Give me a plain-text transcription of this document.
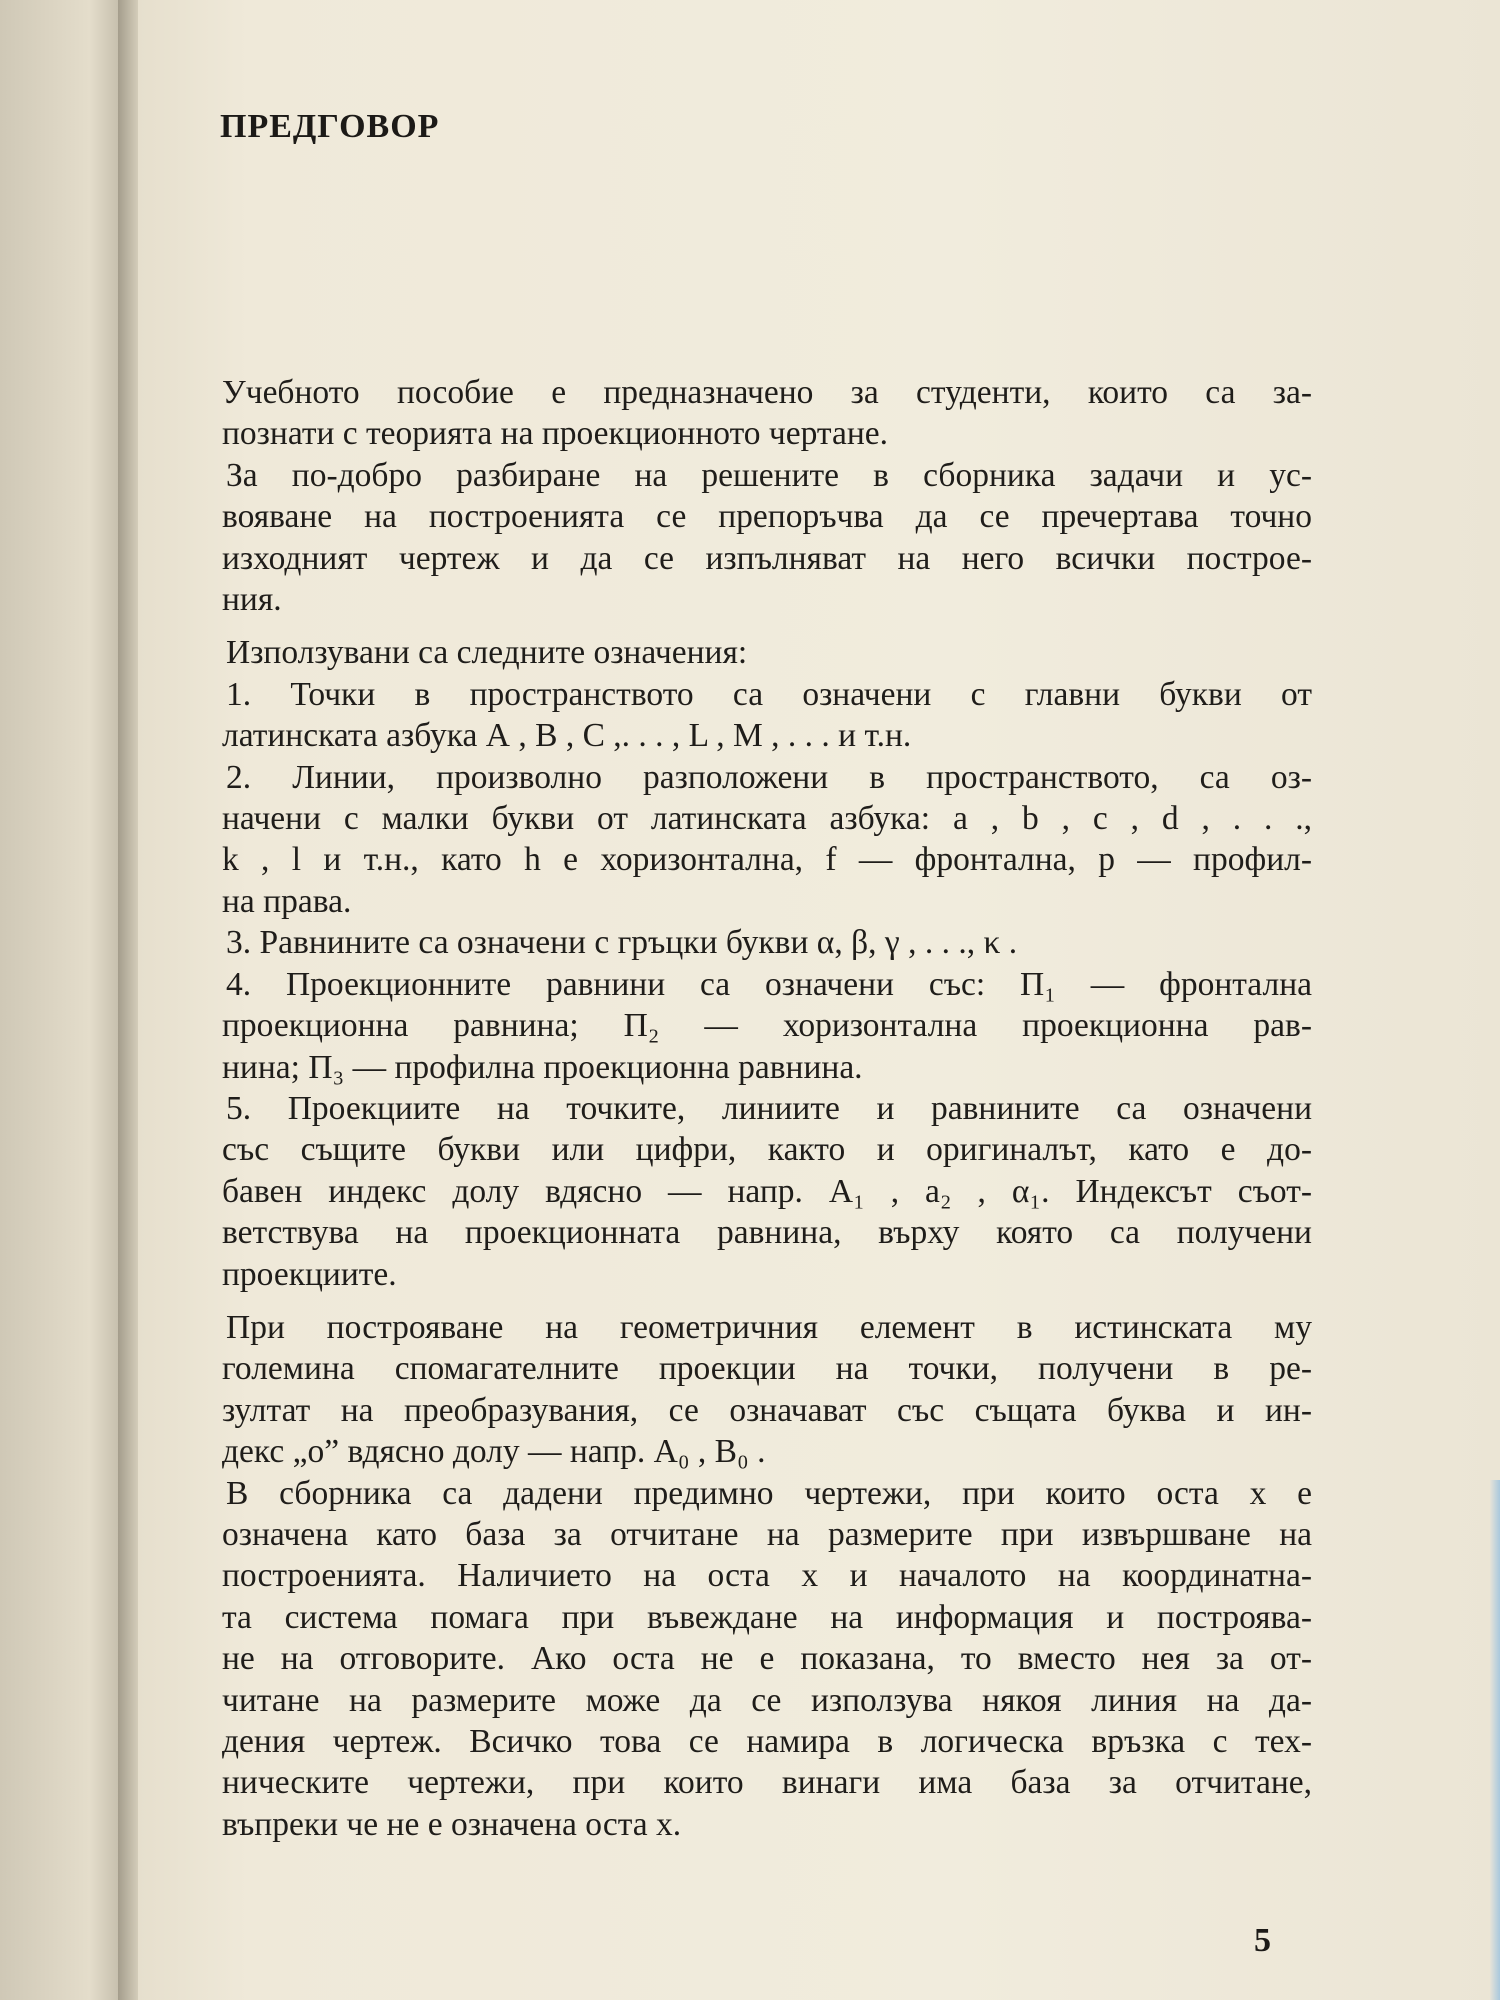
ПРЕДГОВОР

Учебното пособие е предназначено за студенти, които са за-
познати с теорията на проекционното чертане.

За по-добро разбиране на решените в сборника задачи и ус-
вояване на построенията се препоръчва да се пречертава точно
изходният чертеж и да се изпълняват на него всички построе-
ния.

Използувани са следните означения:

1. Точки в пространството са означени с главни букви от
латинската азбука А , В , С ,. . . , L , M , . . . и т.н.

2. Линии, произволно разположени в пространството, са оз-
начени с малки букви от латинската азбука: a , b , c , d , . . .,
k , l и т.н., като h е хоризонтална, f — фронтална, p — профил-
на права.

3. Равнините са означени с гръцки букви α, β, γ , . . ., κ .

4. Проекционните равнини са означени със: П₁ — фронтална
проекционна равнина; П₂ — хоризонтална проекционна рав-
нина; П₃ — профилна проекционна равнина.

5. Проекциите на точките, линиите и равнините са означени
със същите букви или цифри, както и оригиналът, като е до-
бавен индекс долу вдясно — напр. A₁ , a₂ , α₁. Индексът съот-
ветствува на проекционната равнина, върху която са получени
проекциите.

При построяване на геометричния елемент в истинската му
големина спомагателните проекции на точки, получени в ре-
зултат на преобразувания, се означават със същата буква и ин-
декс „о” вдясно долу — напр. A₀ , B₀ .

В сборника са дадени предимно чертежи, при които оста x е
означена като база за отчитане на размерите при извършване на
построенията. Наличието на оста x и началото на координатна-
та система помага при въвеждане на информация и построява-
не на отговорите. Ако оста не е показана, то вместо нея за от-
читане на размерите може да се използува някоя линия на да-
дения чертеж. Всичко това се намира в логическа връзка с тех-
ническите чертежи, при които винаги има база за отчитане,
въпреки че не е означена оста x.

5
